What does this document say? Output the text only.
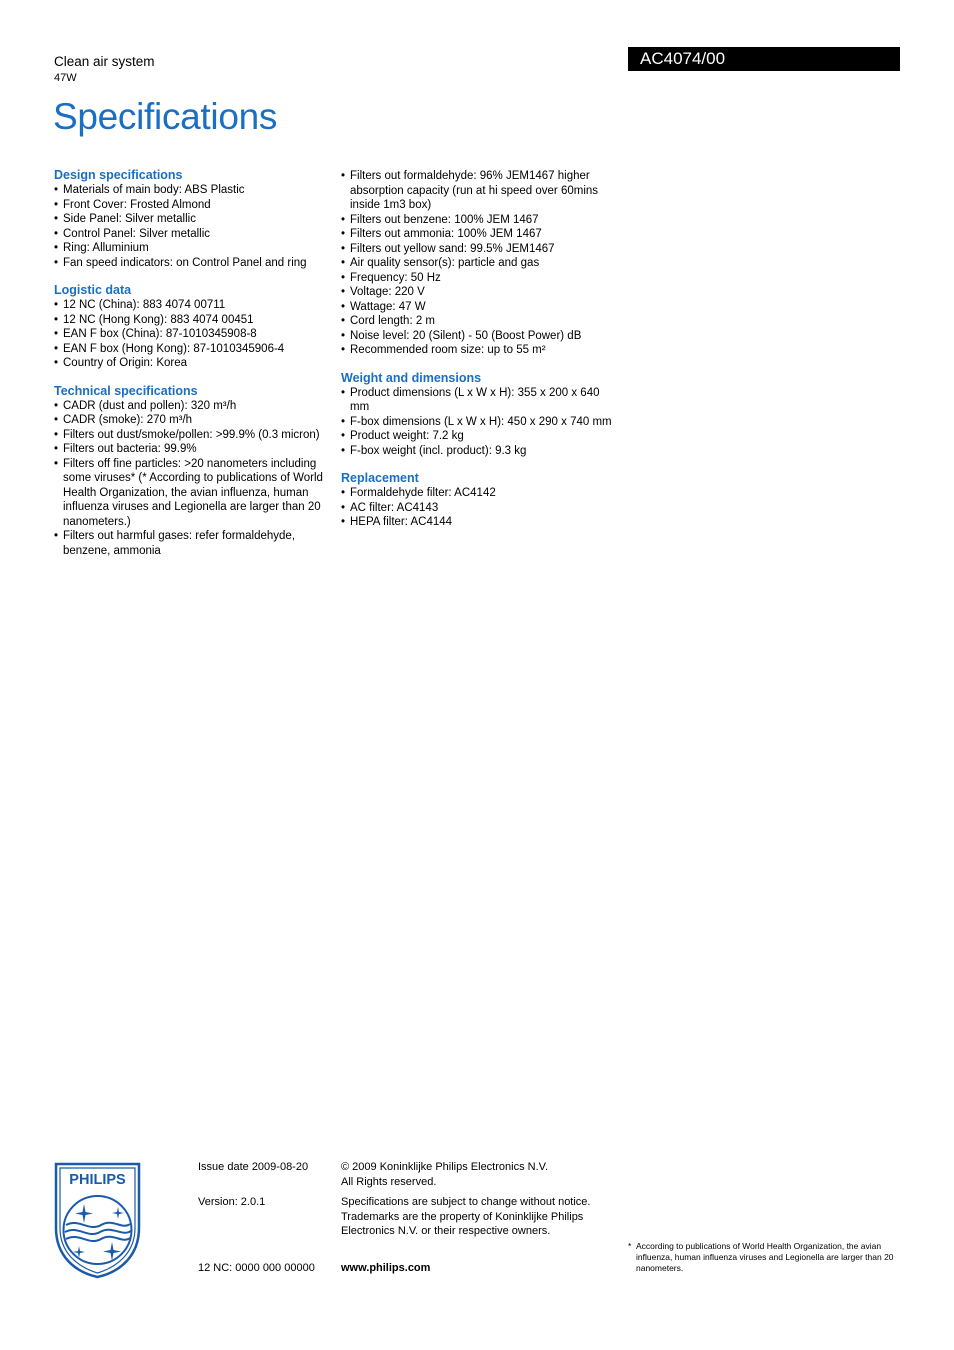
Clean air system
47W
Specifications
AC4074/00
Design specifications
• Materials of main body: ABS Plastic
• Front Cover: Frosted Almond
• Side Panel: Silver metallic
• Control Panel: Silver metallic
• Ring: Alluminium
• Fan speed indicators: on Control Panel and ring
Logistic data
• 12 NC (China): 883 4074 00711
• 12 NC (Hong Kong): 883 4074 00451
• EAN F box (China): 87-1010345908-8
• EAN F box (Hong Kong): 87-1010345906-4
• Country of Origin: Korea
Technical specifications
• CADR (dust and pollen): 320 m³/h
• CADR (smoke): 270 m³/h
• Filters out dust/smoke/pollen: >99.9% (0.3 micron)
• Filters out bacteria: 99.9%
• Filters off fine particles: >20 nanometers including some viruses* (* According to publications of World Health Organization, the avian influenza, human influenza viruses and Legionella are larger than 20 nanometers.)
• Filters out harmful gases: refer formaldehyde, benzene, ammonia
• Filters out formaldehyde: 96% JEM1467 higher absorption capacity (run at hi speed over 60mins inside 1m3 box)
• Filters out benzene: 100% JEM 1467
• Filters out ammonia: 100% JEM 1467
• Filters out yellow sand: 99.5% JEM1467
• Air quality sensor(s): particle and gas
• Frequency: 50 Hz
• Voltage: 220 V
• Wattage: 47 W
• Cord length: 2 m
• Noise level: 20 (Silent) - 50 (Boost Power) dB
• Recommended room size: up to 55 m²
Weight and dimensions
• Product dimensions (L x W x H): 355 x 200 x 640 mm
• F-box dimensions (L x W x H): 450 x 290 x 740 mm
• Product weight: 7.2 kg
• F-box weight (incl. product): 9.3 kg
Replacement
• Formaldehyde filter: AC4142
• AC filter: AC4143
• HEPA filter: AC4144
PHILIPS
Issue date 2009-08-20
Version: 2.0.1
12 NC: 0000 000 00000
© 2009 Koninklijke Philips Electronics N.V.
All Rights reserved.
Specifications are subject to change without notice. Trademarks are the property of Koninklijke Philips Electronics N.V. or their respective owners.
www.philips.com
* According to publications of World Health Organization, the avian influenza, human influenza viruses and Legionella are larger than 20 nanometers.
